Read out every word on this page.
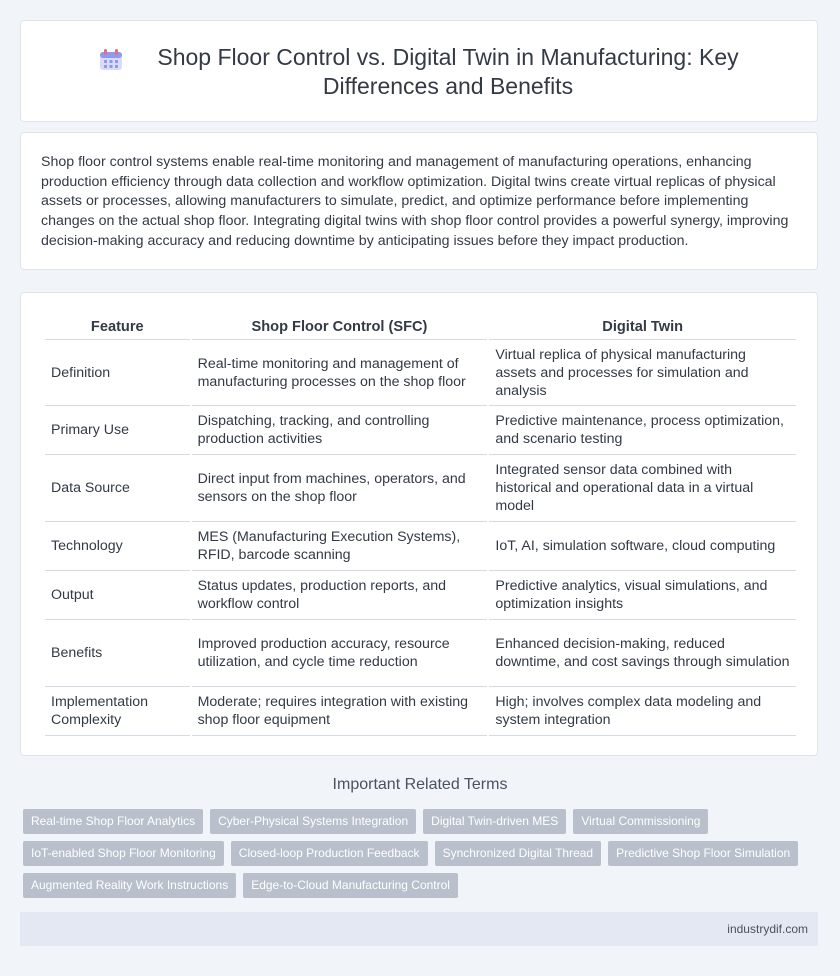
Shop Floor Control vs. Digital Twin in Manufacturing: Key Differences and Benefits
Shop floor control systems enable real-time monitoring and management of manufacturing operations, enhancing production efficiency through data collection and workflow optimization. Digital twins create virtual replicas of physical assets or processes, allowing manufacturers to simulate, predict, and optimize performance before implementing changes on the actual shop floor. Integrating digital twins with shop floor control provides a powerful synergy, improving decision-making accuracy and reducing downtime by anticipating issues before they impact production.
Feature	Shop Floor Control (SFC)	Digital Twin
Definition	Real-time monitoring and management of manufacturing processes on the shop floor	Virtual replica of physical manufacturing assets and processes for simulation and analysis
Primary Use	Dispatching, tracking, and controlling production activities	Predictive maintenance, process optimization, and scenario testing
Data Source	Direct input from machines, operators, and sensors on the shop floor	Integrated sensor data combined with historical and operational data in a virtual model
Technology	MES (Manufacturing Execution Systems), RFID, barcode scanning	IoT, AI, simulation software, cloud computing
Output	Status updates, production reports, and workflow control	Predictive analytics, visual simulations, and optimization insights
Benefits	Improved production accuracy, resource utilization, and cycle time reduction	Enhanced decision-making, reduced downtime, and cost savings through simulation
Implementation Complexity	Moderate; requires integration with existing shop floor equipment	High; involves complex data modeling and system integration
Important Related Terms
Real-time Shop Floor Analytics	Cyber-Physical Systems Integration	Digital Twin-driven MES	Virtual Commissioning
IoT-enabled Shop Floor Monitoring	Closed-loop Production Feedback	Synchronized Digital Thread	Predictive Shop Floor Simulation
Augmented Reality Work Instructions	Edge-to-Cloud Manufacturing Control
industrydif.com
